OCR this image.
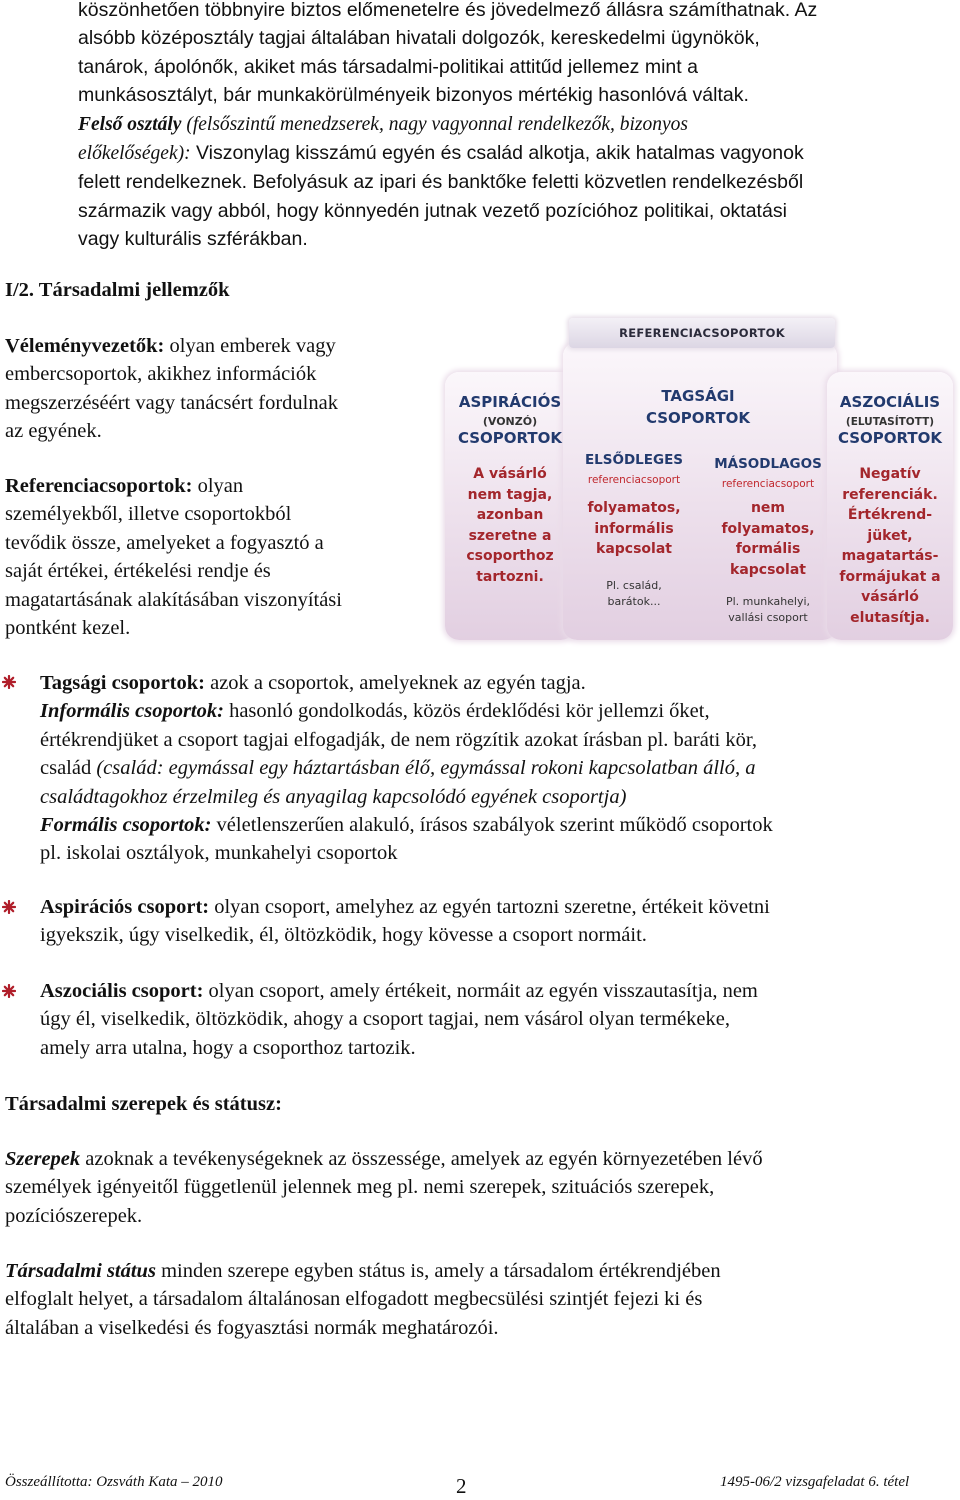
köszönhetően többnyire biztos előmenetelre és jövedelmező állásra számíthatnak. Az
alsóbb középosztály tagjai általában hivatali dolgozók, kereskedelmi ügynökök,
tanárok, ápolónők, akiket más társadalmi-politikai attitűd jellemez mint a
munkásosztályt, bár munkakörülményeik bizonyos mértékig hasonlóvá váltak.
Felső osztály (felsőszintű menedzserek, nagy vagyonnal rendelkezők, bizonyos
előkelőségek): Viszonylag kisszámú egyén és család alkotja, akik hatalmas vagyonok
felett rendelkeznek. Befolyásuk az ipari és banktőke feletti közvetlen rendelkezésből
származik vagy abból, hogy könnyedén jutnak vezető pozícióhoz politikai, oktatási
vagy kulturális szférákban.
I/2. Társadalmi jellemzők
Véleményvezetők: olyan emberek vagy
embercsoportok, akikhez információk
megszerzéséért vagy tanácsért fordulnak
az egyének.
Referenciacsoportok: olyan
személyekből, illetve csoportokból
tevődik össze, amelyeket a fogyasztó a
saját értékei, értékelési rendje és
magatartásának alakításában viszonyítási
pontként kezel.
REFERENCIACSOPORTOK
ASPIRÁCIÓS
(VONZÓ)
CSOPORTOK
A vásárló
nem tagja,
azonban
szeretne a
csoporthoz
tartozni.
TAGSÁGI
CSOPORTOK
ELSŐDLEGES
referenciacsoport
folyamatos,
informális
kapcsolat
Pl. család,
barátok...
MÁSODLAGOS
referenciacsoport
nem
folyamatos,
formális
kapcsolat
Pl. munkahelyi,
vallási csoport
ASZOCIÁLIS
(ELUTASÍTOTT)
CSOPORTOK
Negatív
referenciák.
Értékrend-
jüket,
magatartás-
formájukat a
vásárló
elutasítja.
Tagsági csoportok: azok a csoportok, amelyeknek az egyén tagja.
Informális csoportok: hasonló gondolkodás, közös érdeklődési kör jellemzi őket,
értékrendjüket a csoport tagjai elfogadják, de nem rögzítik azokat írásban pl. baráti kör,
család (család: egymással egy háztartásban élő, egymással rokoni kapcsolatban álló, a
családtagokhoz érzelmileg és anyagilag kapcsolódó egyének csoportja)
Formális csoportok: véletlenszerűen alakuló, írásos szabályok szerint működő csoportok
pl. iskolai osztályok, munkahelyi csoportok
Aspirációs csoport: olyan csoport, amelyhez az egyén tartozni szeretne, értékeit követni
igyekszik, úgy viselkedik, él, öltözködik, hogy kövesse a csoport normáit.
Aszociális csoport: olyan csoport, amely értékeit, normáit az egyén visszautasítja, nem
úgy él, viselkedik, öltözködik, ahogy a csoport tagjai, nem vásárol olyan termékeke,
amely arra utalna, hogy a csoporthoz tartozik.
Társadalmi szerepek és státusz:
Szerepek azoknak a tevékenységeknek az összessége, amelyek az egyén környezetében lévő
személyek igényeitől függetlenül jelennek meg pl. nemi szerepek, szituációs szerepek,
pozíciószerepek.
Társadalmi státus minden szerepe egyben státus is, amely a társadalom értékrendjében
elfoglalt helyet, a társadalom általánosan elfogadott megbecsülési szintjét fejezi ki és
általában a viselkedési és fogyasztási normák meghatározói.
Összeállította: Ozsváth Kata – 2010	2	1495-06/2 vizsgafeladat 6. tétel
